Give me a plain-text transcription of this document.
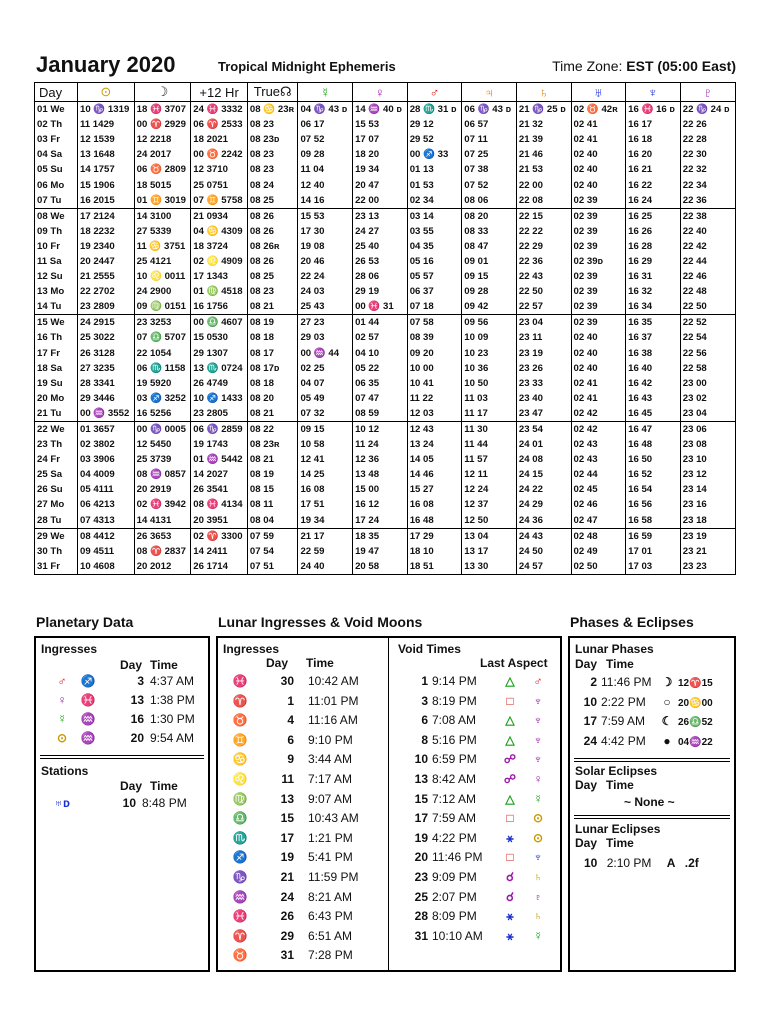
January 2020	Tropical Midnight Ephemeris	Time Zone: EST (05:00 East)
Day	⊙	☽	+12 Hr	True☊	☿	♀	♂	♃	♄	♅	♆	♇
01 We	10 ♑ 1319	18 ♓ 3707	24 ♓ 3332	08 ♋ 23ʀ	04 ♑ 43 ᴅ	14 ♒ 40 ᴅ	28 ♏ 31 ᴅ	06 ♑ 43 ᴅ	21 ♑ 25 ᴅ	02 ♉ 42ʀ	16 ♓ 16 ᴅ	22 ♑ 24 ᴅ
02 Th	11 1429	00 ♈ 2929	06 ♈ 2533	08 23	06 17	15 53	29 12	06 57	21 32	02 41	16 17	22 26
03 Fr	12 1539	12 2218	18 2021	08 23ᴅ	07 52	17 07	29 52	07 11	21 39	02 41	16 18	22 28
04 Sa	13 1648	24 2017	00 ♉ 2242	08 23	09 28	18 20	00 ♐ 33	07 25	21 46	02 40	16 20	22 30
05 Su	14 1757	06 ♉ 2809	12 3710	08 23	11 04	19 34	01 13	07 38	21 53	02 40	16 21	22 32
06 Mo	15 1906	18 5015	25 0751	08 24	12 40	20 47	01 53	07 52	22 00	02 40	16 22	22 34
07 Tu	16 2015	01 ♊ 3019	07 ♊ 5758	08 25	14 16	22 00	02 34	08 06	22 08	02 39	16 24	22 36
08 We	17 2124	14 3100	21 0934	08 26	15 53	23 13	03 14	08 20	22 15	02 39	16 25	22 38
09 Th	18 2232	27 5339	04 ♋ 4309	08 26	17 30	24 27	03 55	08 33	22 22	02 39	16 26	22 40
10 Fr	19 2340	11 ♋ 3751	18 3724	08 26ʀ	19 08	25 40	04 35	08 47	22 29	02 39	16 28	22 42
11 Sa	20 2447	25 4121	02 ♌ 4909	08 26	20 46	26 53	05 16	09 01	22 36	02 39ᴅ	16 29	22 44
12 Su	21 2555	10 ♌ 0011	17 1343	08 25	22 24	28 06	05 57	09 15	22 43	02 39	16 31	22 46
13 Mo	22 2702	24 2900	01 ♍ 4518	08 23	24 03	29 19	06 37	09 28	22 50	02 39	16 32	22 48
14 Tu	23 2809	09 ♍ 0151	16 1756	08 21	25 43	00 ♓ 31	07 18	09 42	22 57	02 39	16 34	22 50
15 We	24 2915	23 3253	00 ♎ 4607	08 19	27 23	01 44	07 58	09 56	23 04	02 39	16 35	22 52
16 Th	25 3022	07 ♎ 5707	15 0530	08 18	29 03	02 57	08 39	10 09	23 11	02 40	16 37	22 54
17 Fr	26 3128	22 1054	29 1307	08 17	00 ♒ 44	04 10	09 20	10 23	23 19	02 40	16 38	22 56
18 Sa	27 3235	06 ♏ 1158	13 ♏ 0724	08 17ᴅ	02 25	05 22	10 00	10 36	23 26	02 40	16 40	22 58
19 Su	28 3341	19 5920	26 4749	08 18	04 07	06 35	10 41	10 50	23 33	02 41	16 42	23 00
20 Mo	29 3446	03 ♐ 3252	10 ♐ 1433	08 20	05 49	07 47	11 22	11 03	23 40	02 41	16 43	23 02
21 Tu	00 ♒ 3552	16 5256	23 2805	08 21	07 32	08 59	12 03	11 17	23 47	02 42	16 45	23 04
22 We	01 3657	00 ♑ 0005	06 ♑ 2859	08 22	09 15	10 12	12 43	11 30	23 54	02 42	16 47	23 06
23 Th	02 3802	12 5450	19 1743	08 23ʀ	10 58	11 24	13 24	11 44	24 01	02 43	16 48	23 08
24 Fr	03 3906	25 3739	01 ♒ 5442	08 21	12 41	12 36	14 05	11 57	24 08	02 43	16 50	23 10
25 Sa	04 4009	08 ♒ 0857	14 2027	08 19	14 25	13 48	14 46	12 11	24 15	02 44	16 52	23 12
26 Su	05 4111	20 2919	26 3541	08 15	16 08	15 00	15 27	12 24	24 22	02 45	16 54	23 14
27 Mo	06 4213	02 ♓ 3942	08 ♓ 4134	08 11	17 51	16 12	16 08	12 37	24 29	02 46	16 56	23 16
28 Tu	07 4313	14 4131	20 3951	08 04	19 34	17 24	16 48	12 50	24 36	02 47	16 58	23 18
29 We	08 4412	26 3653	02 ♈ 3300	07 59	21 17	18 35	17 29	13 04	24 43	02 48	16 59	23 19
30 Th	09 4511	08 ♈ 2837	14 2411	07 54	22 59	19 47	18 10	13 17	24 50	02 49	17 01	23 21
31 Fr	10 4608	20 2012	26 1714	07 51	24 40	20 58	18 51	13 30	24 57	02 50	17 03	23 23
Planetary Data	Lunar Ingresses & Void Moons	Phases & Eclipses
Ingresses
Day Time
♂ ♐	3 4:37 AM
♀ ♓	13 1:38 PM
☿ ♒	16 1:30 PM
⊙ ♒	20 9:54 AM
Stations
Day Time
♅ᴅ	10 8:48 PM
Ingresses
Day Time
Void Times
Last Aspect
♓	30 10:42 AM
♈	1 11:01 PM
♉	4 11:16 AM
♊	6 9:10 PM
♋	9 3:44 AM
♌	11 7:17 AM
♍	13 9:07 AM
♎	15 10:43 AM
♏	17 1:21 PM
♐	19 5:41 PM
♑	21 11:59 PM
♒	24 8:21 AM
♓	26 6:43 PM
♈	29 6:51 AM
♉	31 7:28 PM
1 9:14 PM △ ♂
3 8:19 PM □ ♆
6 7:08 AM △ ♆
8 5:16 PM △ ♆
10 6:59 PM ☍ ♆
13 8:42 AM ☍ ♀
15 7:12 AM △ ☿
17 7:59 AM	□ ⊙
19 4:22 PM ⚹ ⊙
20 11:46 PM □ ♆
23 9:09 PM ☌ ♄
25 2:07 PM ☌ ♇
28 8:09 PM ⚹ ♄
31 10:10 AM ⚹ ☿
Lunar Phases
Day Time
2 11:46 PM ☽ 12♈15
10 2:22 PM ○ 20♋00
17 7:59 AM ☾ 26♎52
24 4:42 PM ● 04♒22
Solar Eclipses
Day Time
~ None ~
Lunar Eclipses
Day Time
10 2:10 PM A .2f
